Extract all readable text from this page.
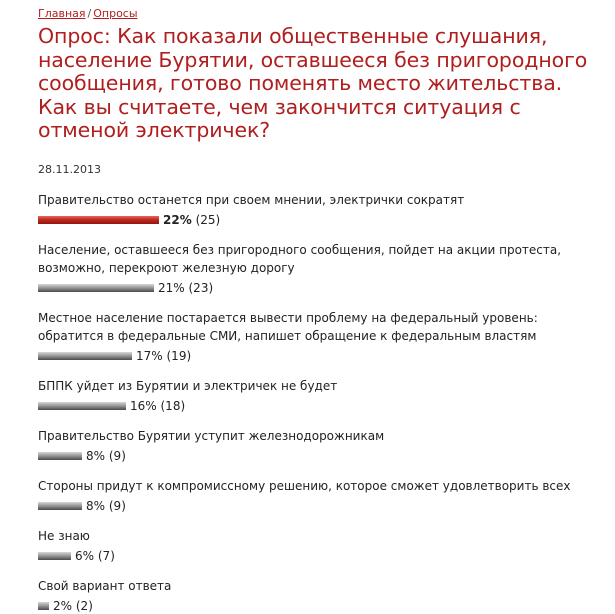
Главная / Опросы
Опрос: Как показали общественные слушания, население Бурятии, оставшееся без пригородного сообщения, готово поменять место жительства. Как вы считаете, чем закончится ситуация с отменой электричек?
28.11.2013
Правительство останется при своем мнении, электрички сократят
22% (25)
Население, оставшееся без пригородного сообщения, пойдет на акции протеста, возможно, перекроют железную дорогу
21% (23)
Местное население постарается вывести проблему на федеральный уровень: обратится в федеральные СМИ, напишет обращение к федеральным властям
17% (19)
БППК уйдет из Бурятии и электричек не будет
16% (18)
Правительство Бурятии уступит железнодорожникам
8% (9)
Стороны придут к компромиссному решению, которое сможет удовлетворить всех
8% (9)
Не знаю
6% (7)
Свой вариант ответа
2% (2)
